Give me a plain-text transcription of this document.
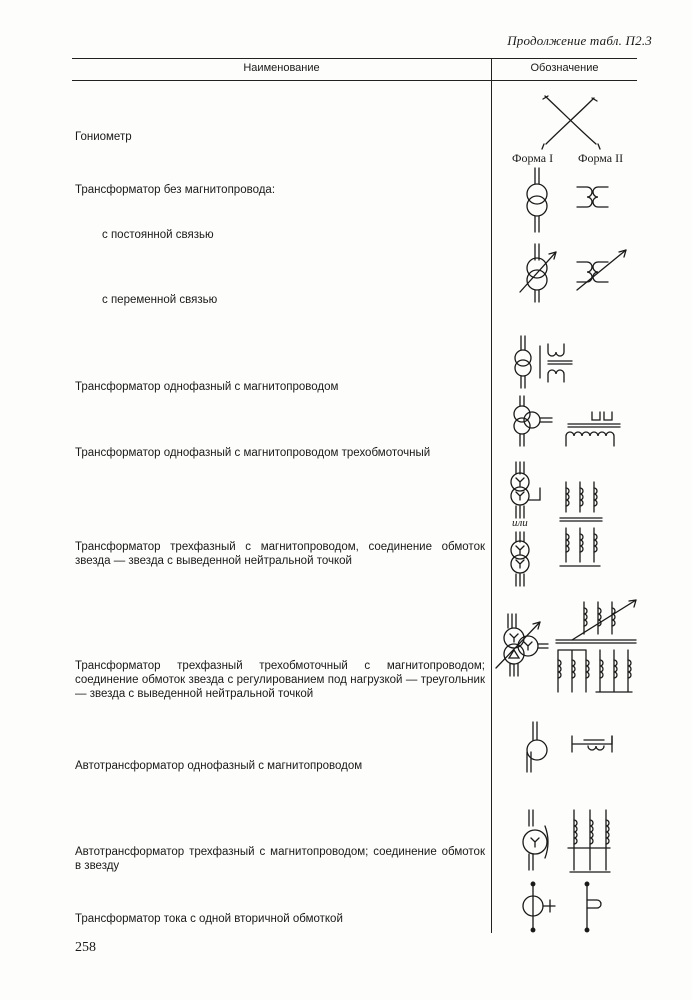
Продолжение табл. П2.3
Наименование	Обозначение
Гониометр
Трансформатор без магнитопровода:
с постоянной связью
с переменной связью
Трансформатор однофазный с магнитопроводом
Трансформатор однофазный с магнитопроводом трехобмоточный
Трансформатор трехфазный с магнитопроводом, соединение обмоток звезда — звезда с выведенной нейтральной точкой
Трансформатор трехфазный трехобмоточный с магнитопроводом; соединение обмоток звезда с регулированием под нагрузкой — треугольник — звезда с выведенной нейтральной точкой
Автотрансформатор однофазный с магнитопроводом
Автотрансформатор трехфазный с магнитопроводом; соединение обмоток в звезду
Трансформатор тока с одной вторичной обмоткой
Форма I Форма II
или
258
